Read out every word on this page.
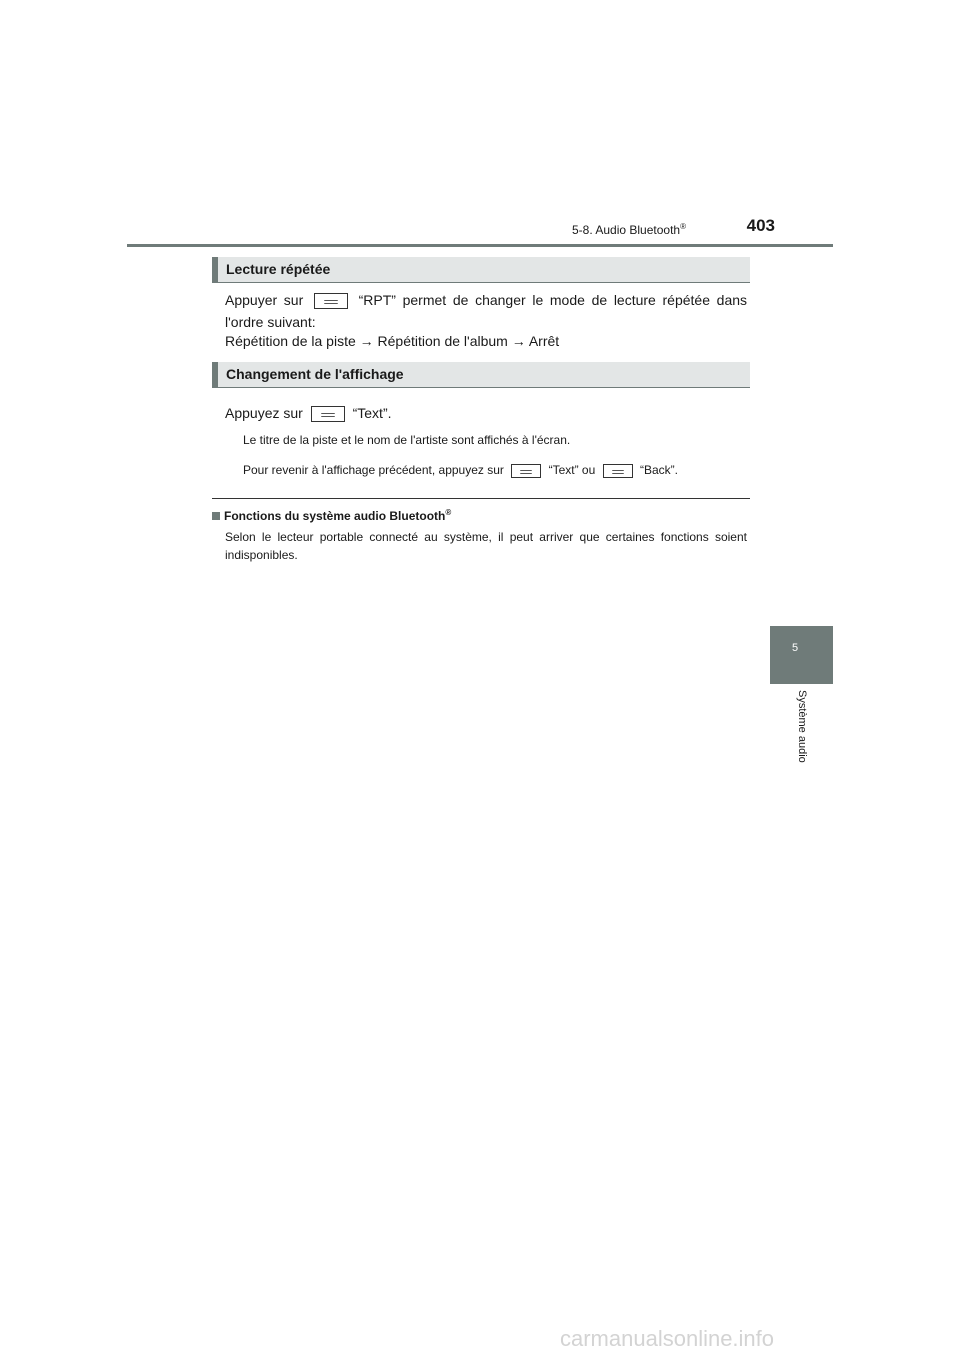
5-8. Audio Bluetooth®	403
5
Système audio
Lecture répétée
Appuyer sur	“RPT” permet de changer le mode de lecture répétée dans l'ordre suivant:
Répétition de la piste → Répétition de l'album → Arrêt
Changement de l'affichage
Appuyez sur	“Text”.
Le titre de la piste et le nom de l'artiste sont affichés à l'écran.
Pour revenir à l'affichage précédent, appuyez sur	“Text” ou	“Back”.
Fonctions du système audio Bluetooth®
Selon le lecteur portable connecté au système, il peut arriver que certaines fonctions soient indisponibles.
carmanualsonline.info
